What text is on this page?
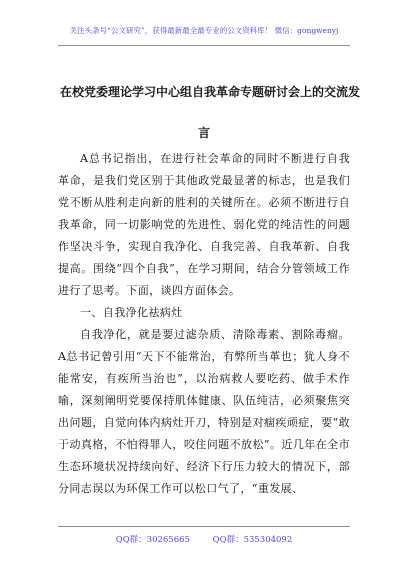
关注头条号“公文研究”，获得最新最全最专业的公文资料库！ 微信：gongwenyj
在校党委理论学习中心组自我革命专题研讨会上的交流发
言

A总书记指出，在进行社会革命的同时不断进行自我革命，是我们党区别于其他政党最显著的标志，也是我们党不断从胜利走向新的胜利的关键所在。必须不断进行自我革命，同一切影响党的先进性、弱化党的纯洁性的问题作坚决斗争，实现自我净化、自我完善、自我革新、自我提高。围绕“四个自我”，在学习期间，结合分管领域工作进行了思考。下面，谈四方面体会。

一、自我净化祛病灶

自我净化，就是要过滤杂质、清除毒素、割除毒瘤。A总书记曾引用“天下不能常治，有弊所当革也；犹人身不能常安，有疾所当治也”，以治病救人要吃药、做手术作喻，深刻阐明党要保持肌体健康、队伍纯洁，必须聚焦突出问题，自觉向体内病灶开刀，特别是对痼疾顽症，要“敢于动真格，不怕得罪人，咬住问题不放松”。近几年在全市生态环境状况持续向好、经济下行压力较大的情况下，部分同志误以为环保工作可以松口气了，“重发展、

QQ群：30265665	QQ群：535304092
